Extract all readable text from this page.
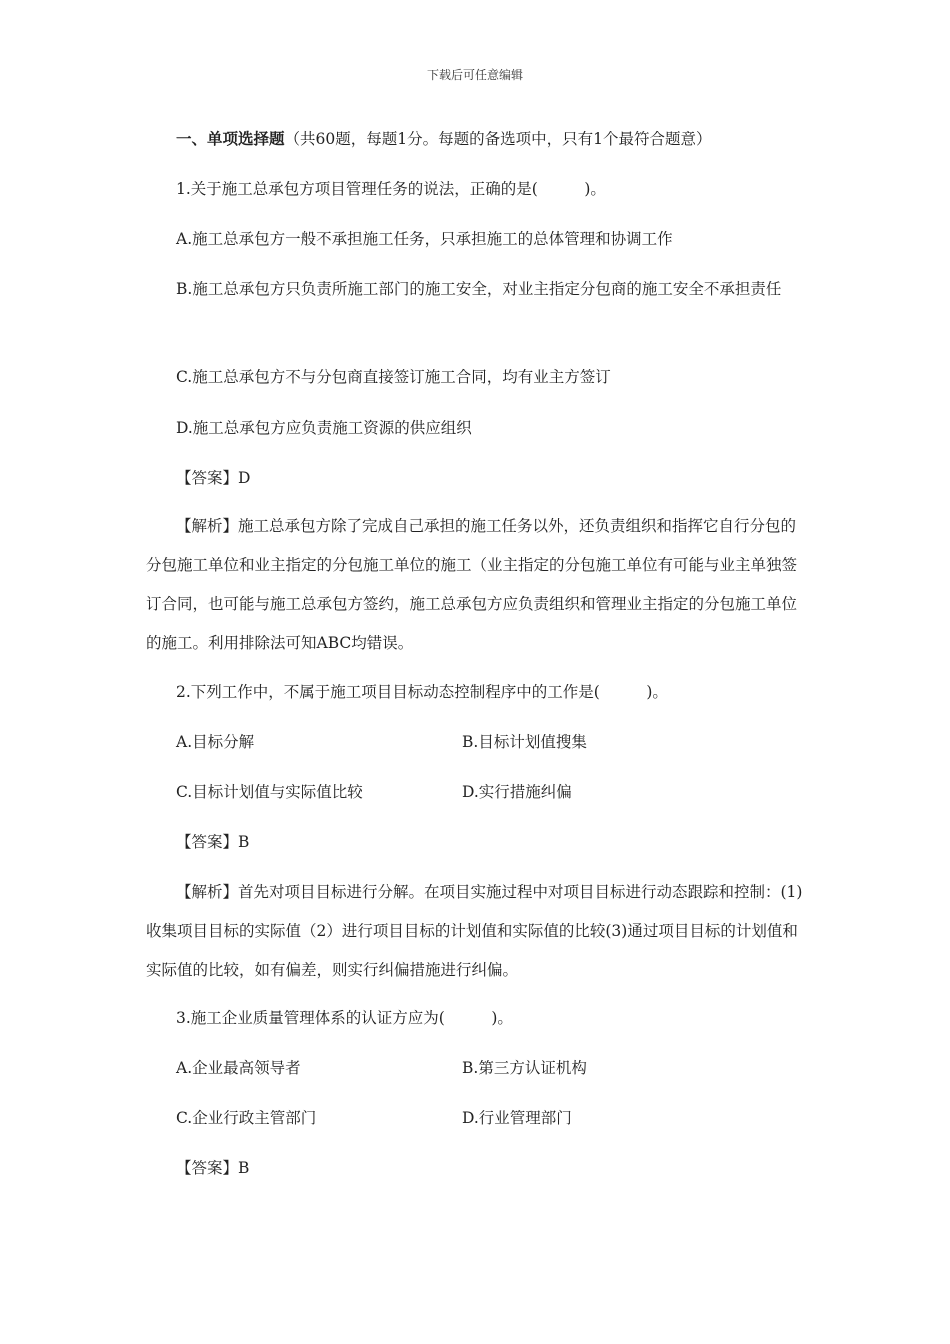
下载后可任意编辑
一、单项选择题（共60题，每题1分。每题的备选项中，只有1个最符合题意）
1.关于施工总承包方项目管理任务的说法，正确的是(　　　)。
A.施工总承包方一般不承担施工任务，只承担施工的总体管理和协调工作
B.施工总承包方只负责所施工部门的施工安全，对业主指定分包商的施工安全不承担责任
C.施工总承包方不与分包商直接签订施工合同，均有业主方签订
D.施工总承包方应负责施工资源的供应组织
【答案】D
【解析】施工总承包方除了完成自己承担的施工任务以外，还负责组织和指挥它自行分包的分包施工单位和业主指定的分包施工单位的施工（业主指定的分包施工单位有可能与业主单独签订合同，也可能与施工总承包方签约，施工总承包方应负责组织和管理业主指定的分包施工单位的施工。利用排除法可知ABC均错误。
2.下列工作中，不属于施工项目目标动态控制程序中的工作是(　　　)。
A.目标分解	B.目标计划值搜集
C.目标计划值与实际值比较	D.实行措施纠偏
【答案】B
【解析】首先对项目目标进行分解。在项目实施过程中对项目目标进行动态跟踪和控制：(1)收集项目目标的实际值（2）进行项目目标的计划值和实际值的比较(3)通过项目目标的计划值和实际值的比较，如有偏差，则实行纠偏措施进行纠偏。
3.施工企业质量管理体系的认证方应为(　　　)。
A.企业最高领导者	B.第三方认证机构
C.企业行政主管部门	D.行业管理部门
【答案】B
